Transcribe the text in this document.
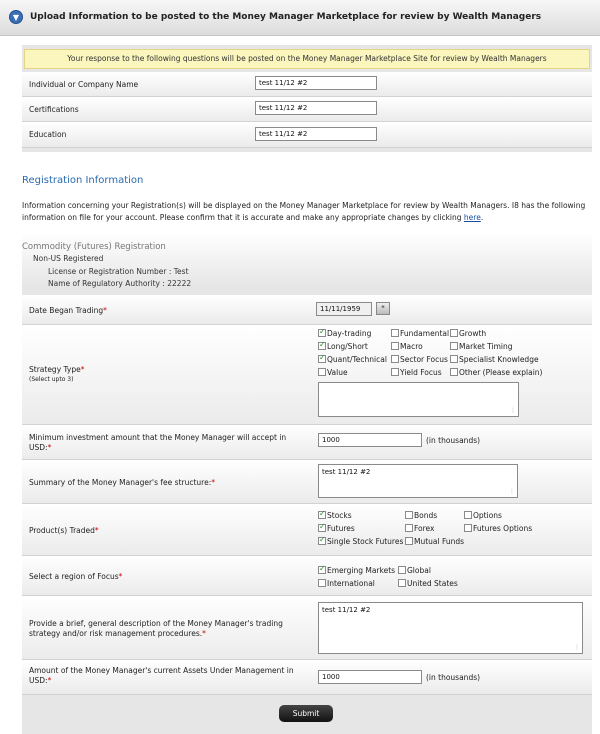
▼	Upload Information to be posted to the Money Manager Marketplace for review by Wealth Managers
Your response to the following questions will be posted on the Money Manager Marketplace Site for review by Wealth Managers
Individual or Company Name	test 11/12 #2
Certifications	test 11/12 #2
Education	test 11/12 #2
Registration Information
Information concerning your Registration(s) will be displayed on the Money Manager Marketplace for review by Wealth Managers. I8 has the following information on file for your account. Please confirm that it is accurate and make any appropriate changes by clicking here.
Commodity (Futures) Registration
Non-US Registered
License or Registration Number : Test
Name of Regulatory Authority : 22222
Date Began Trading*	11/11/1959	*
Strategy Type*
(Select upto 3)
✓Day-trading	Fundamental	Growth
✓Long/Short	Macro	Market Timing
✓Quant/Technical	Sector Focus	Specialist Knowledge
Value	Yield Focus	Other (Please explain)
⋮
Minimum investment amount that the Money Manager will accept in USD:*
1000	(in thousands)
Summary of the Money Manager's fee structure:*
test 11/12 #2
⋮
Product(s) Traded*
✓Stocks	Bonds	Options
✓Futures	Forex	Futures Options
✓Single Stock Futures	Mutual Funds
Select a region of Focus*
✓Emerging Markets	Global
International	United States
Provide a brief, general description of the Money Manager's trading strategy and/or risk management procedures.*
test 11/12 #2
⋮
Amount of the Money Manager's current Assets Under Management in USD:*	1000	(in thousands)
Submit
